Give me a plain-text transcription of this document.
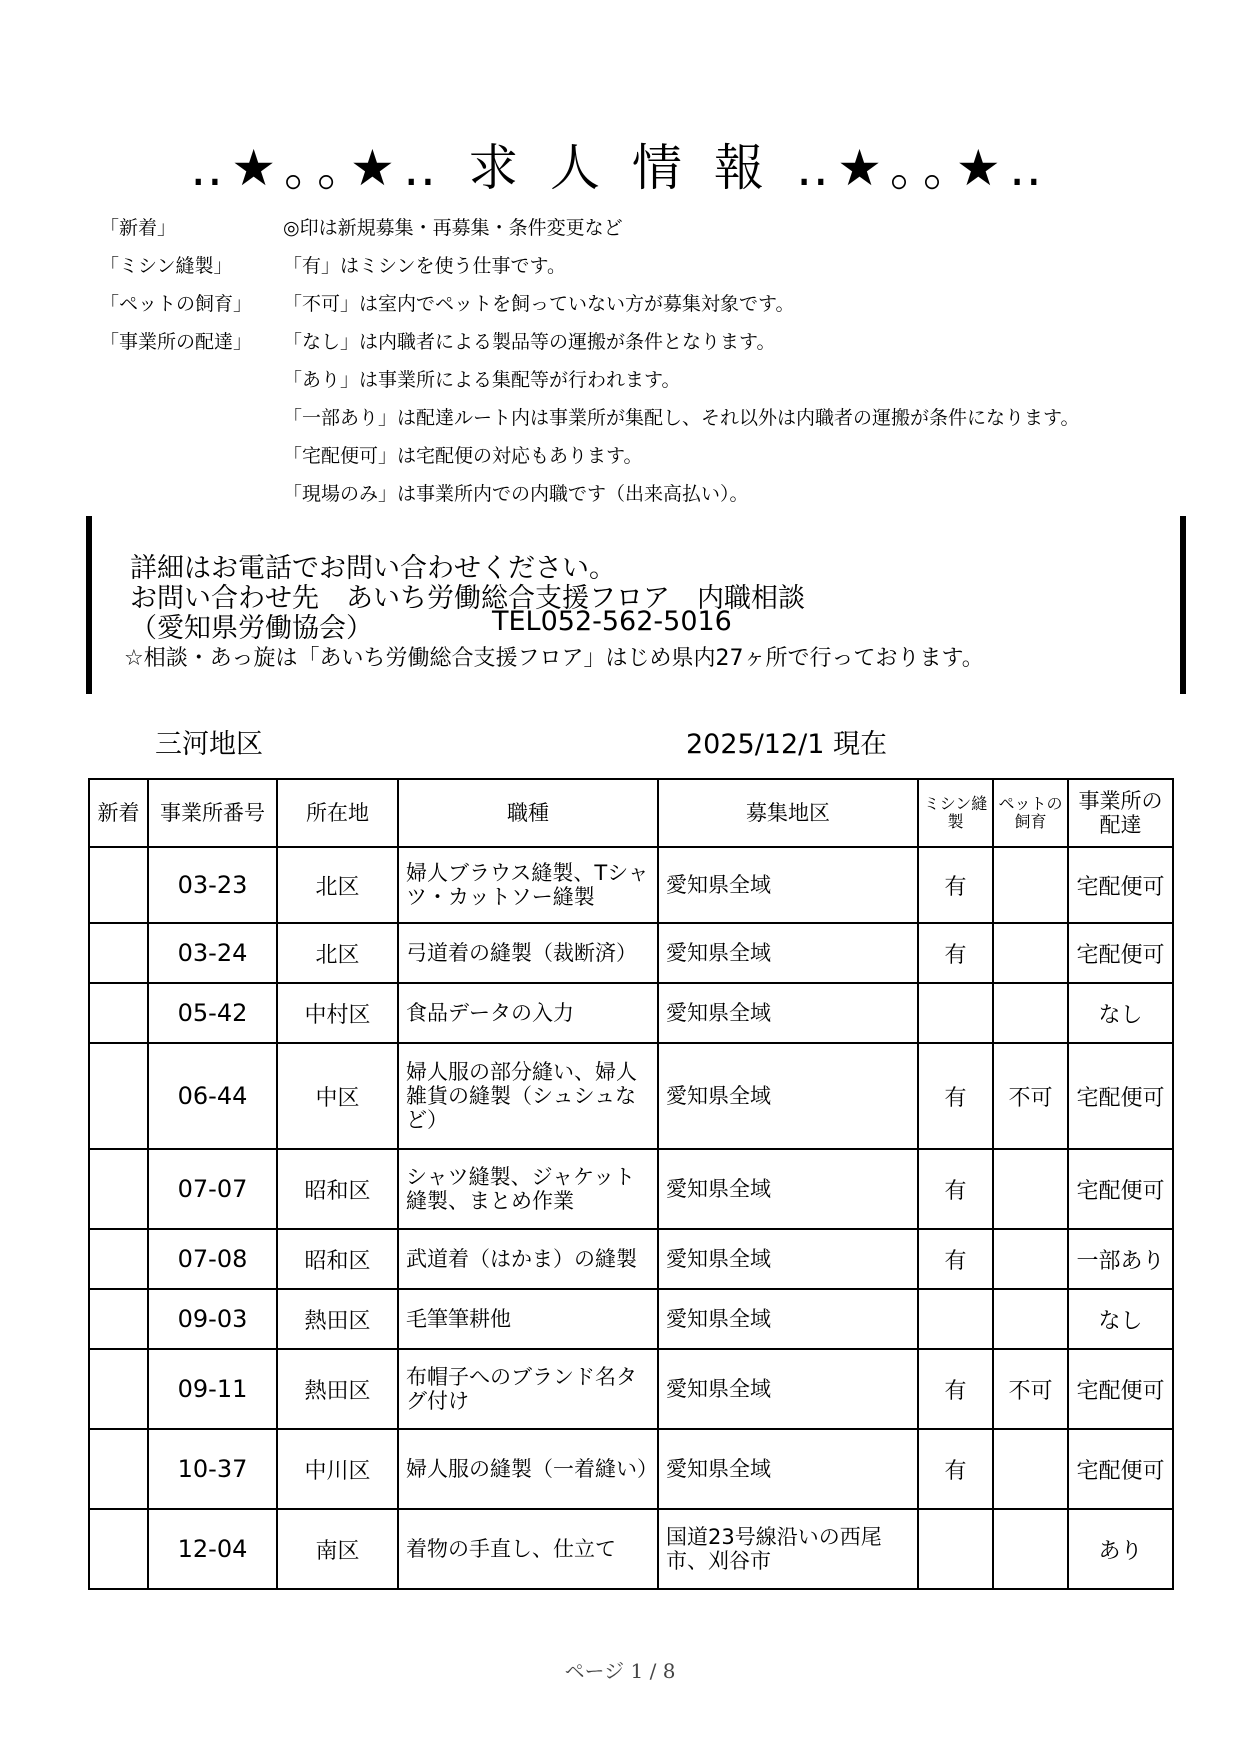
‥★｡｡★‥ 求 人 情 報 ‥★｡｡★‥
「新着」	◎印は新規募集・再募集・条件変更など
「ミシン縫製」	「有」はミシンを使う仕事です。
「ペットの飼育」 「不可」は室内でペットを飼っていない方が募集対象です。
「事業所の配達」 「なし」は内職者による製品等の運搬が条件となります。
「あり」は事業所による集配等が行われます。
「一部あり」は配達ルート内は事業所が集配し、それ以外は内職者の運搬が条件になります。
「宅配便可」は宅配便の対応もあります。
「現場のみ」は事業所内での内職です（出来高払い）。
詳細はお電話でお問い合わせください。
お問い合わせ先　あいち労働総合支援フロア　内職相談
（愛知県労働協会）	TEL052-562-5016
☆相談・あっ旋は「あいち労働総合支援フロア」はじめ県内27ヶ所で行っております。
三河地区	2025/12/1 現在
新着	事業所番号	所在地	職種	募集地区	ミシン縫製	ペットの飼育	事業所の配達
	03-23	北区	婦人ブラウス縫製、Tシャツ・カットソー縫製	愛知県全域	有		宅配便可
	03-24	北区	弓道着の縫製（裁断済）	愛知県全域	有		宅配便可
	05-42	中村区	食品データの入力	愛知県全域			なし
	06-44	中区	婦人服の部分縫い、婦人雑貨の縫製（シュシュなど）	愛知県全域	有	不可	宅配便可
	07-07	昭和区	シャツ縫製、ジャケット縫製、まとめ作業	愛知県全域	有		宅配便可
	07-08	昭和区	武道着（はかま）の縫製	愛知県全域	有		一部あり
	09-03	熱田区	毛筆筆耕他	愛知県全域			なし
	09-11	熱田区	布帽子へのブランド名タグ付け	愛知県全域	有	不可	宅配便可
	10-37	中川区	婦人服の縫製（一着縫い）	愛知県全域	有		宅配便可
	12-04	南区	着物の手直し、仕立て	国道23号線沿いの西尾市、刈谷市			あり
ページ 1 / 8
